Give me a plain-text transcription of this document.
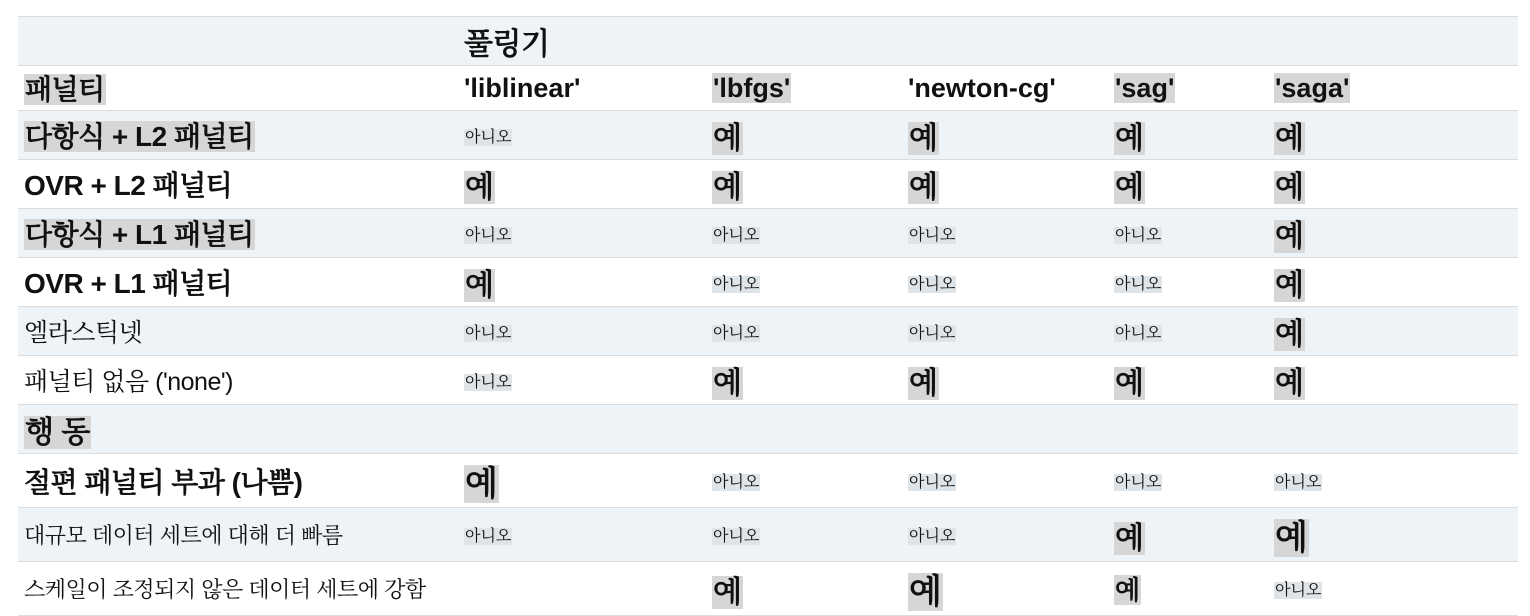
	풀링기				
패널티	'liblinear'	'lbfgs'	'newton-cg'	'sag'	'saga'
다항식 + L2 패널티	아니오	예	예	예	예
OVR + L2 패널티	예	예	예	예	예
다항식 + L1 패널티	아니오	아니오	아니오	아니오	예
OVR + L1 패널티	예	아니오	아니오	아니오	예
엘라스틱넷	아니오	아니오	아니오	아니오	예
패널티 없음 ('none')	아니오	예	예	예	예
행 동					
절편 패널티 부과 (나쁨)	예	아니오	아니오	아니오	아니오
대규모 데이터 세트에 대해 더 빠름	아니오	아니오	아니오	예	예
스케일이 조정되지 않은 데이터 세트에 강함		예	예	예	아니오
